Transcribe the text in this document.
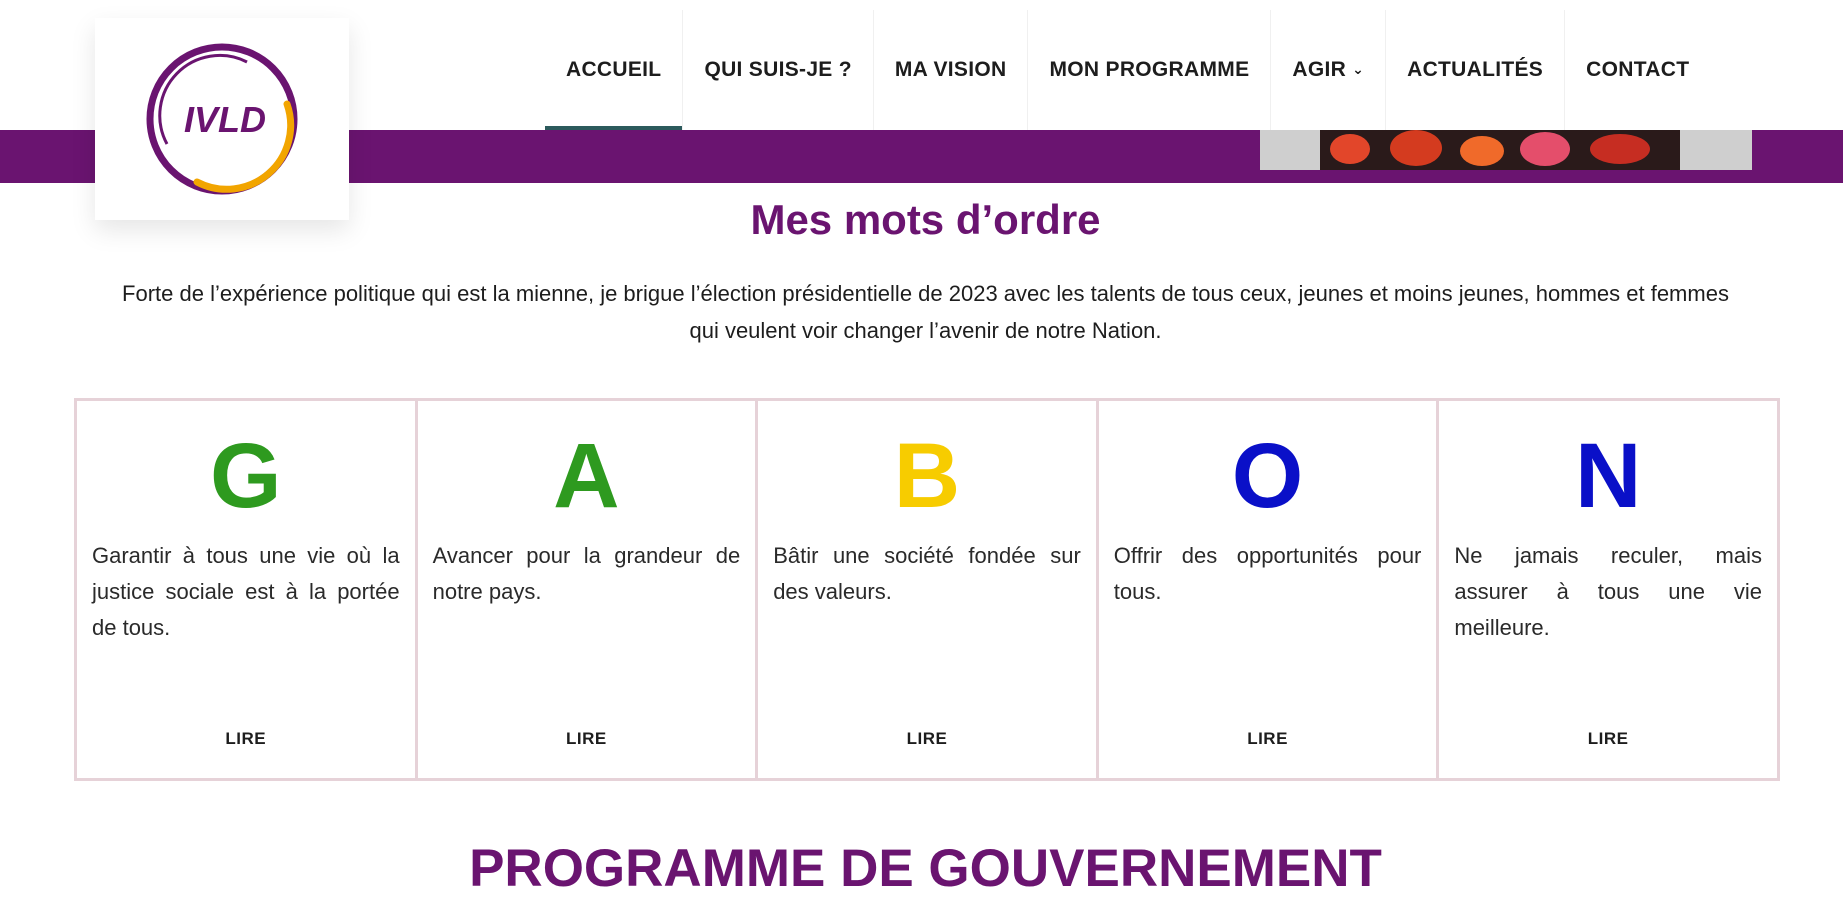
IVLD
ACCUEIL QUI SUIS-JE ? MA VISION MON PROGRAMME AGIR ⌄ ACTUALITÉS CONTACT
Mes mots d’ordre

Forte de l’expérience politique qui est la mienne, je brigue l’élection présidentielle de 2023 avec les talents de tous ceux, jeunes et moins jeunes, hommes et femmes qui veulent voir changer l’avenir de notre Nation.

G
Garantir à tous une vie où la justice sociale est à la portée de tous.
LIRE
A
Avancer pour la grandeur de notre pays.
LIRE
B
Bâtir une société fondée sur des valeurs.
LIRE
O
Offrir des opportunités pour tous.
LIRE
N
Ne jamais reculer, mais assurer à tous une vie meilleure.
LIRE
PROGRAMME DE GOUVERNEMENT
